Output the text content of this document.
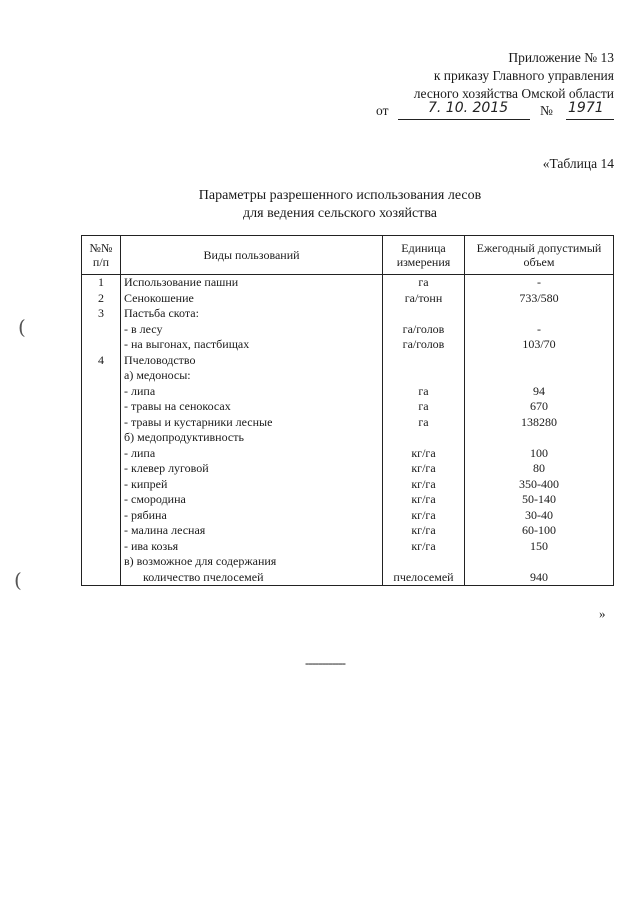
Приложение № 13
к приказу Главного управления
лесного хозяйства Омской области
от	7. 10. 2015 № 1971
«Таблица 14
Параметры разрешенного использования лесов
для ведения сельского хозяйства
№№ п/п	Виды пользований	Единица измерения	Ежегодный допустимый объем
1	Использование пашни	га	-
2	Сенокошение	га/тонн	733/580
3	Пастьба скота:		
	- в лесу	га/голов	-
	- на выгонах, пастбищах	га/голов	103/70
4	Пчеловодство		
	а) медоносы:		
	- липа	га	94
	- травы на сенокосах	га	670
	- травы и кустарники лесные	га	138280
	б) медопродуктивность		
	- липа	кг/га	100
	- клевер луговой	кг/га	80
	- кипрей	кг/га	350-400
	- смородина	кг/га	50-140
	- рябина	кг/га	30-40
	- малина лесная	кг/га	60-100
	- ива козья	кг/га	150
	в) возможное для содержания		
	количество пчелосемей	пчелосемей	940
(
(
»
------------
